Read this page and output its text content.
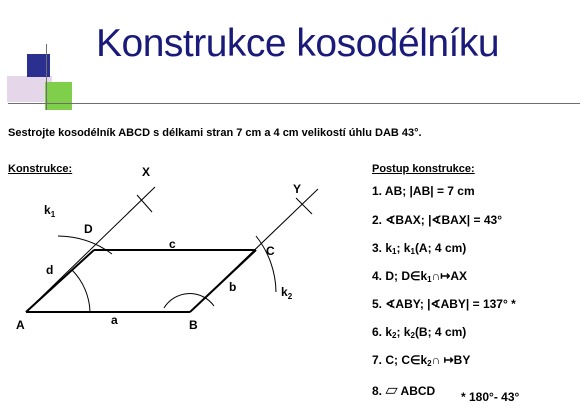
Konstrukce kosodélníku
Sestrojte kosodélník ABCD s délkami stran 7 cm a 4 cm velikostí úhlu DAB 43°.
Konstrukce:	Postup konstrukce:
1. AB; |AB| = 7 cm
2. ∢BAX; |∢BAX| = 43°
3. $k_1$; $k_1(A$; 4 cm)
4. D; $D\in k_1\cap↦AX$
5. ∢ABY; |∢ABY| = 137° *
6. $k_2$; $k_2(B$; 4 cm)
7. C; $C\in k_2\cap$ ↦BY
8. ▱ ABCD * 180°- 43°
A	B
C
D
a
b
c
d
X
Y
$k_1$
$k_2$
